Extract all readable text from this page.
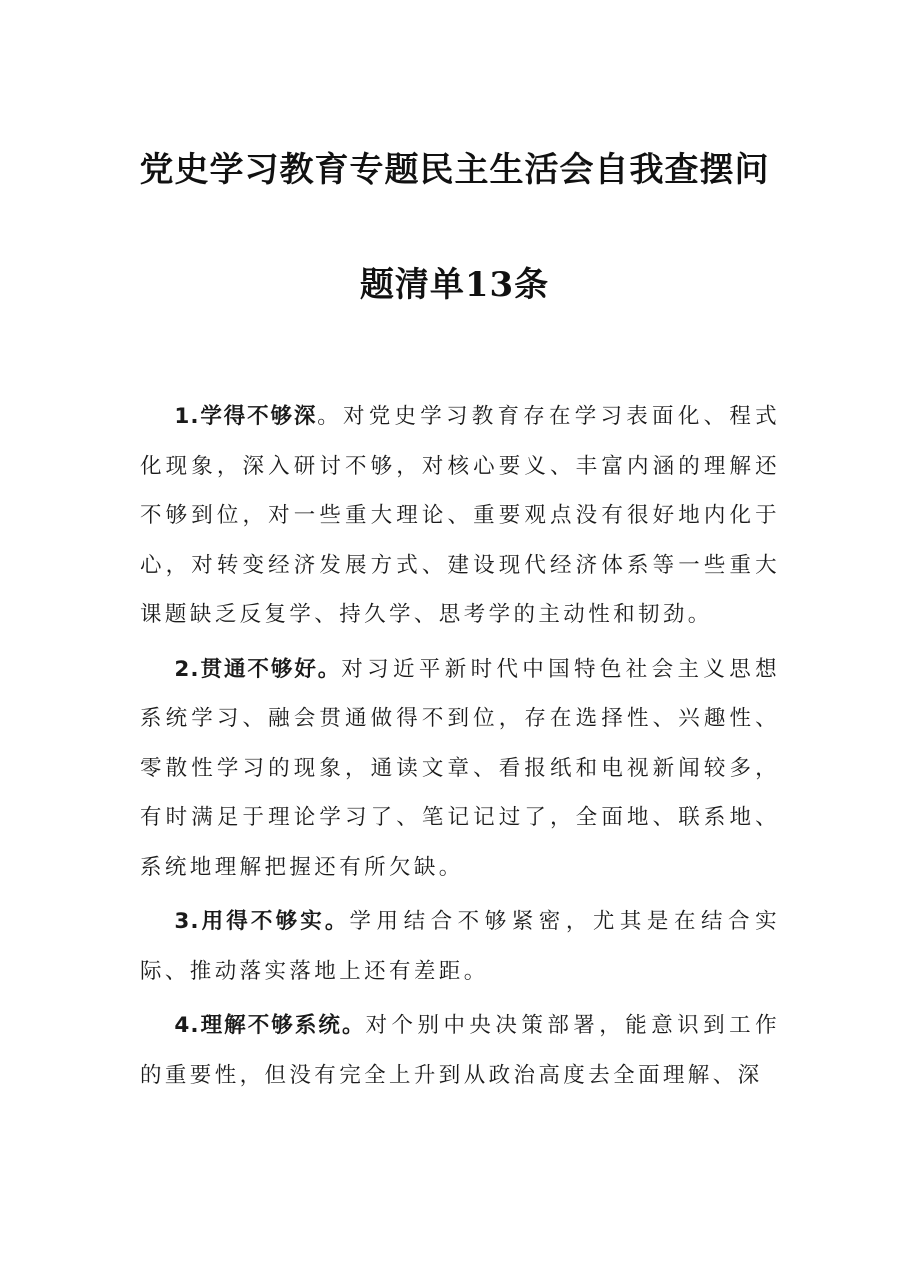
党史学习教育专题民主生活会自我查摆问
题清单13条

1.学得不够深。对党史学习教育存在学习表面化、程式化现象，深入研讨不够，对核心要义、丰富内涵的理解还不够到位，对一些重大理论、重要观点没有很好地内化于心，对转变经济发展方式、建设现代经济体系等一些重大课题缺乏反复学、持久学、思考学的主动性和韧劲。

2.贯通不够好。对习近平新时代中国特色社会主义思想系统学习、融会贯通做得不到位，存在选择性、兴趣性、零散性学习的现象，通读文章、看报纸和电视新闻较多，有时满足于理论学习了、笔记记过了，全面地、联系地、系统地理解把握还有所欠缺。

3.用得不够实。学用结合不够紧密，尤其是在结合实际、推动落实落地上还有差距。

4.理解不够系统。对个别中央决策部署，能意识到工作的重要性，但没有完全上升到从政治高度去全面理解、深
